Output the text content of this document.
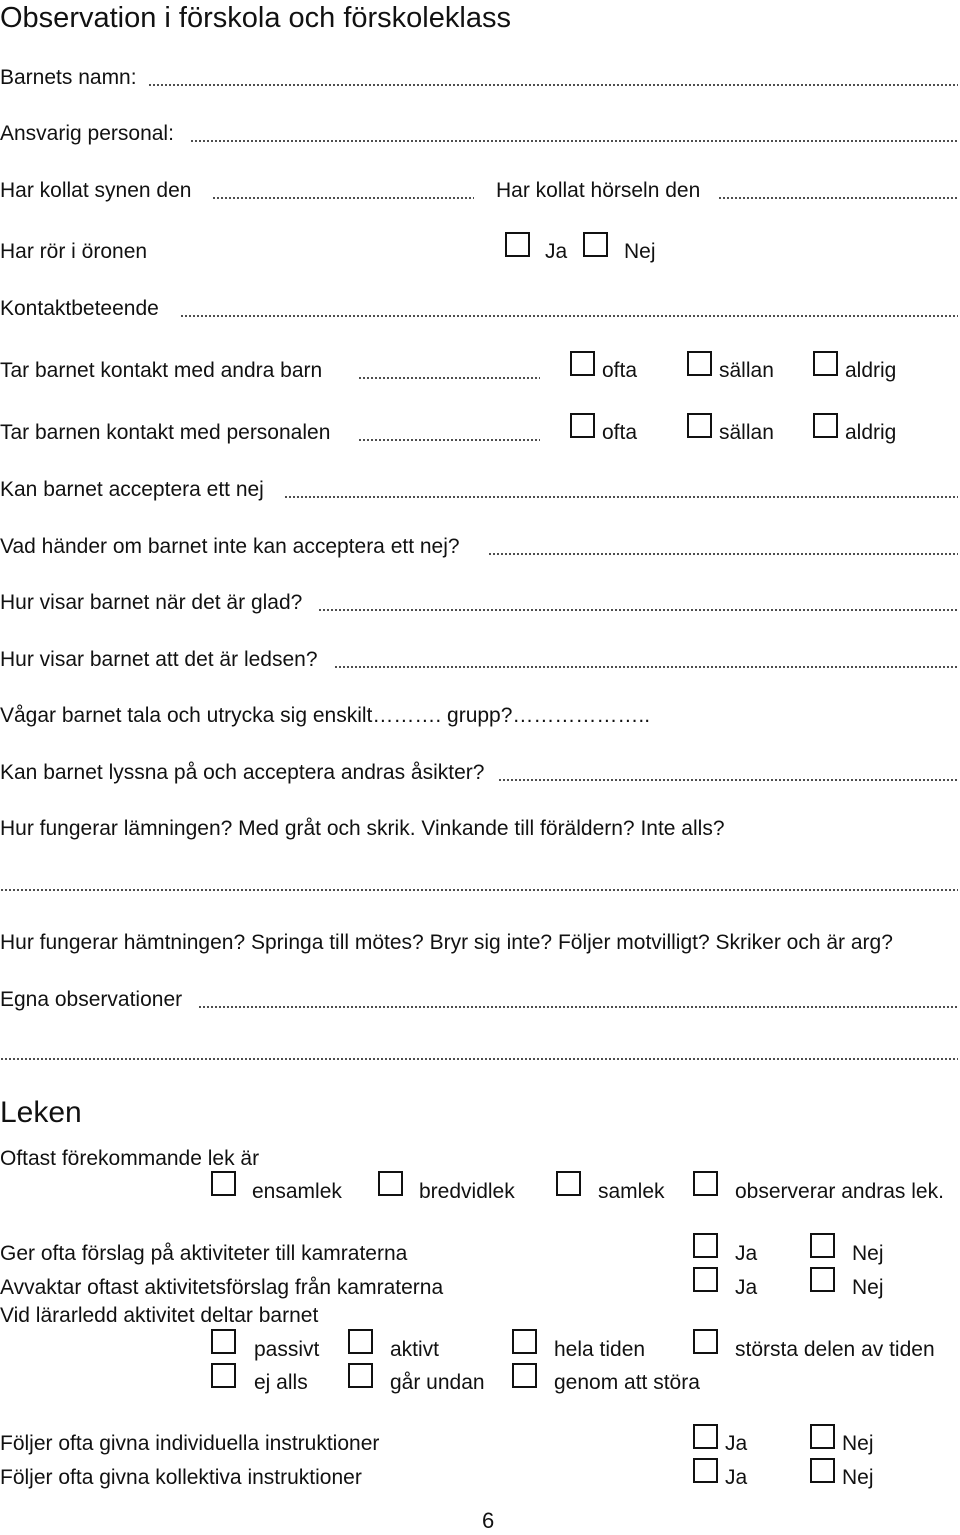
Observation i förskola och förskoleklass
Barnets namn:
Ansvarig personal:
Har kollat synen den	Har kollat hörseln den
Har rör i öronen	Ja	Nej
Kontaktbeteende
Tar barnet kontakt med andra barn	ofta	sällan	aldrig
Tar barnen kontakt med personalen	ofta	sällan	aldrig
Kan barnet acceptera ett nej
Vad händer om barnet inte kan acceptera ett nej?
Hur visar barnet när det är glad?
Hur visar barnet att det är ledsen?
Vågar barnet tala och utrycka sig enskilt………. grupp?………………..
Kan barnet lyssna på och acceptera andras åsikter?
Hur fungerar lämningen? Med gråt och skrik. Vinkande till föräldern? Inte alls?
Hur fungerar hämtningen? Springa till mötes? Bryr sig inte? Följer motvilligt? Skriker och är arg?
Egna observationer
Leken
Oftast förekommande lek är
ensamlek	bredvidlek	samlek	observerar andras lek.
Ger ofta förslag på aktiviteter till kamraterna	Ja	Nej
Avvaktar oftast aktivitetsförslag från kamraterna	Ja	Nej
Vid lärarledd aktivitet deltar barnet
passivt	aktivt	hela tiden	största delen av tiden
ej alls	går undan	genom att störa
Följer ofta givna individuella instruktioner	Ja	Nej
Följer ofta givna kollektiva instruktioner	Ja	Nej
6
